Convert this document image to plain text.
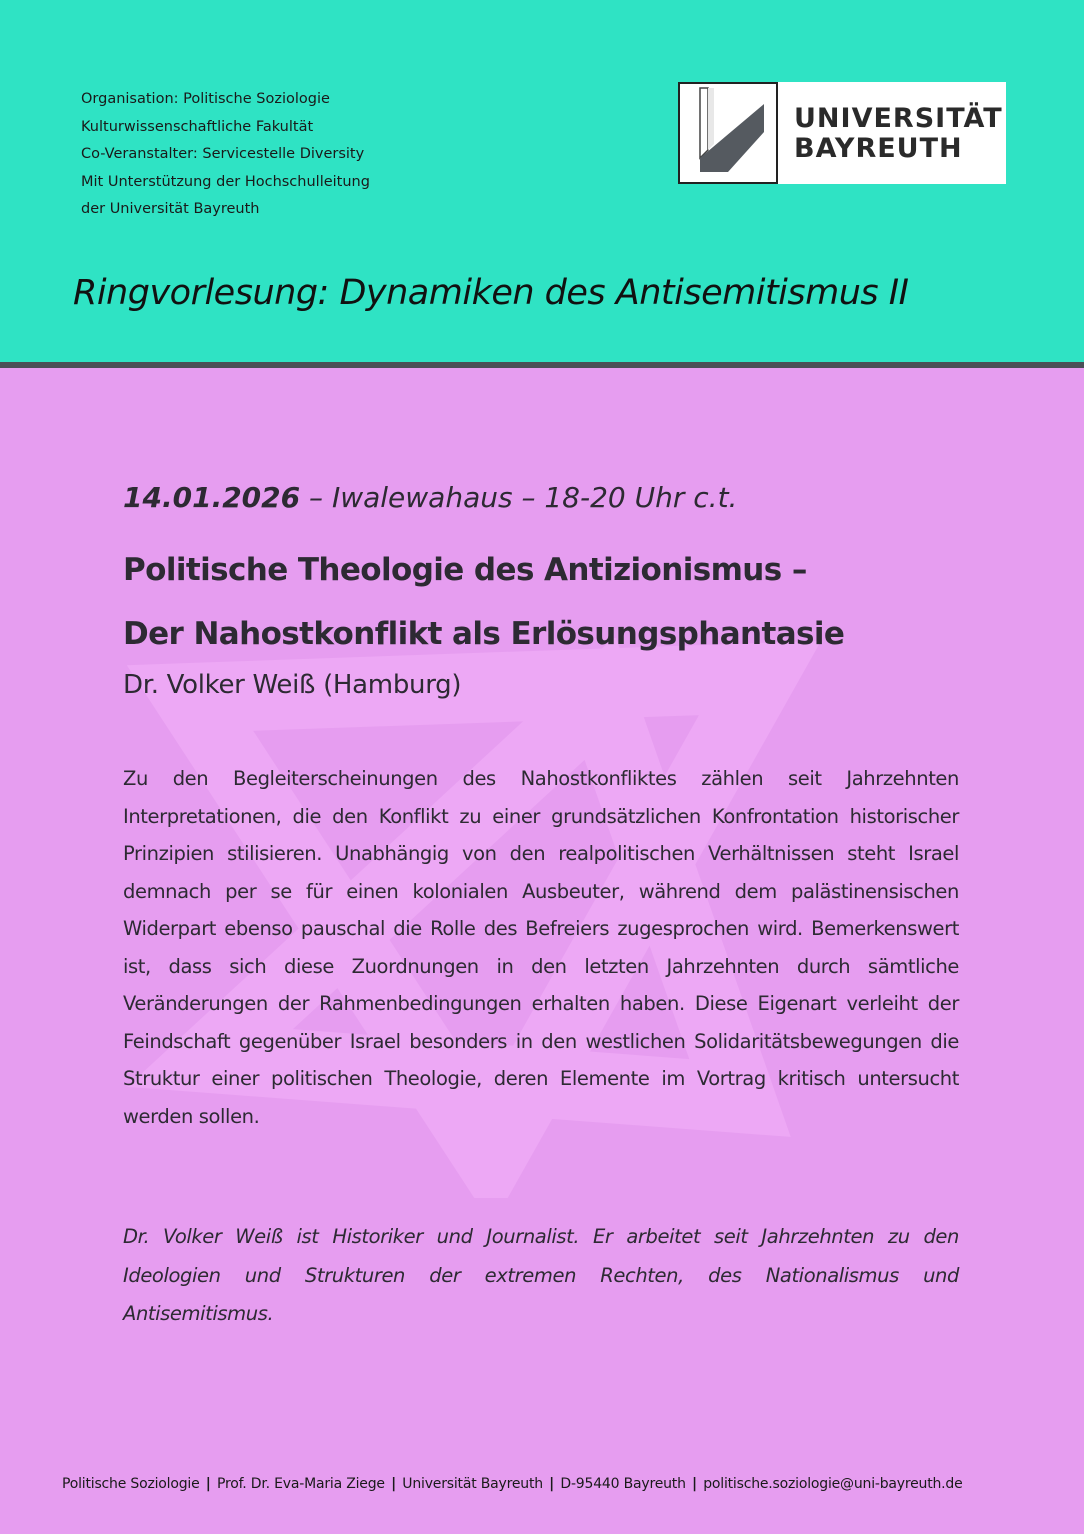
Organisation: Politische Soziologie
Kulturwissenschaftliche Fakultät
Co-Veranstalter: Servicestelle Diversity
Mit Unterstützung der Hochschulleitung
der Universität Bayreuth
UNIVERSITÄT
BAYREUTH
Ringvorlesung: Dynamiken des Antisemitismus II
14.01.2026 – Iwalewahaus – 18-20 Uhr c.t.
Politische Theologie des Antizionismus –
Der Nahostkonflikt als Erlösungsphantasie
Dr. Volker Weiß (Hamburg)

Zu den Begleiterscheinungen des Nahostkonfliktes zählen seit Jahrzehnten Interpretationen, die den Konflikt zu einer grundsätzlichen Konfrontation historischer Prinzipien stilisieren. Unabhängig von den realpolitischen Verhältnissen steht Israel demnach per se für einen kolonialen Ausbeuter, während dem palästinensischen Widerpart ebenso pauschal die Rolle des Befreiers zugesprochen wird. Bemerkenswert ist, dass sich diese Zuordnungen in den letzten Jahrzehnten durch sämtliche Veränderungen der Rahmenbedingungen erhalten haben. Diese Eigenart verleiht der Feindschaft gegenüber Israel besonders in den westlichen Solidaritätsbewegungen die Struktur einer politischen Theologie, deren Elemente im Vortrag kritisch untersucht werden sollen.

Dr. Volker Weiß ist Historiker und Journalist. Er arbeitet seit Jahrzehnten zu den Ideologien und Strukturen der extremen Rechten, des Nationalismus und Antisemitismus.

Politische Soziologie | Prof. Dr. Eva-Maria Ziege | Universität Bayreuth | D-95440 Bayreuth | politische.soziologie@uni-bayreuth.de
